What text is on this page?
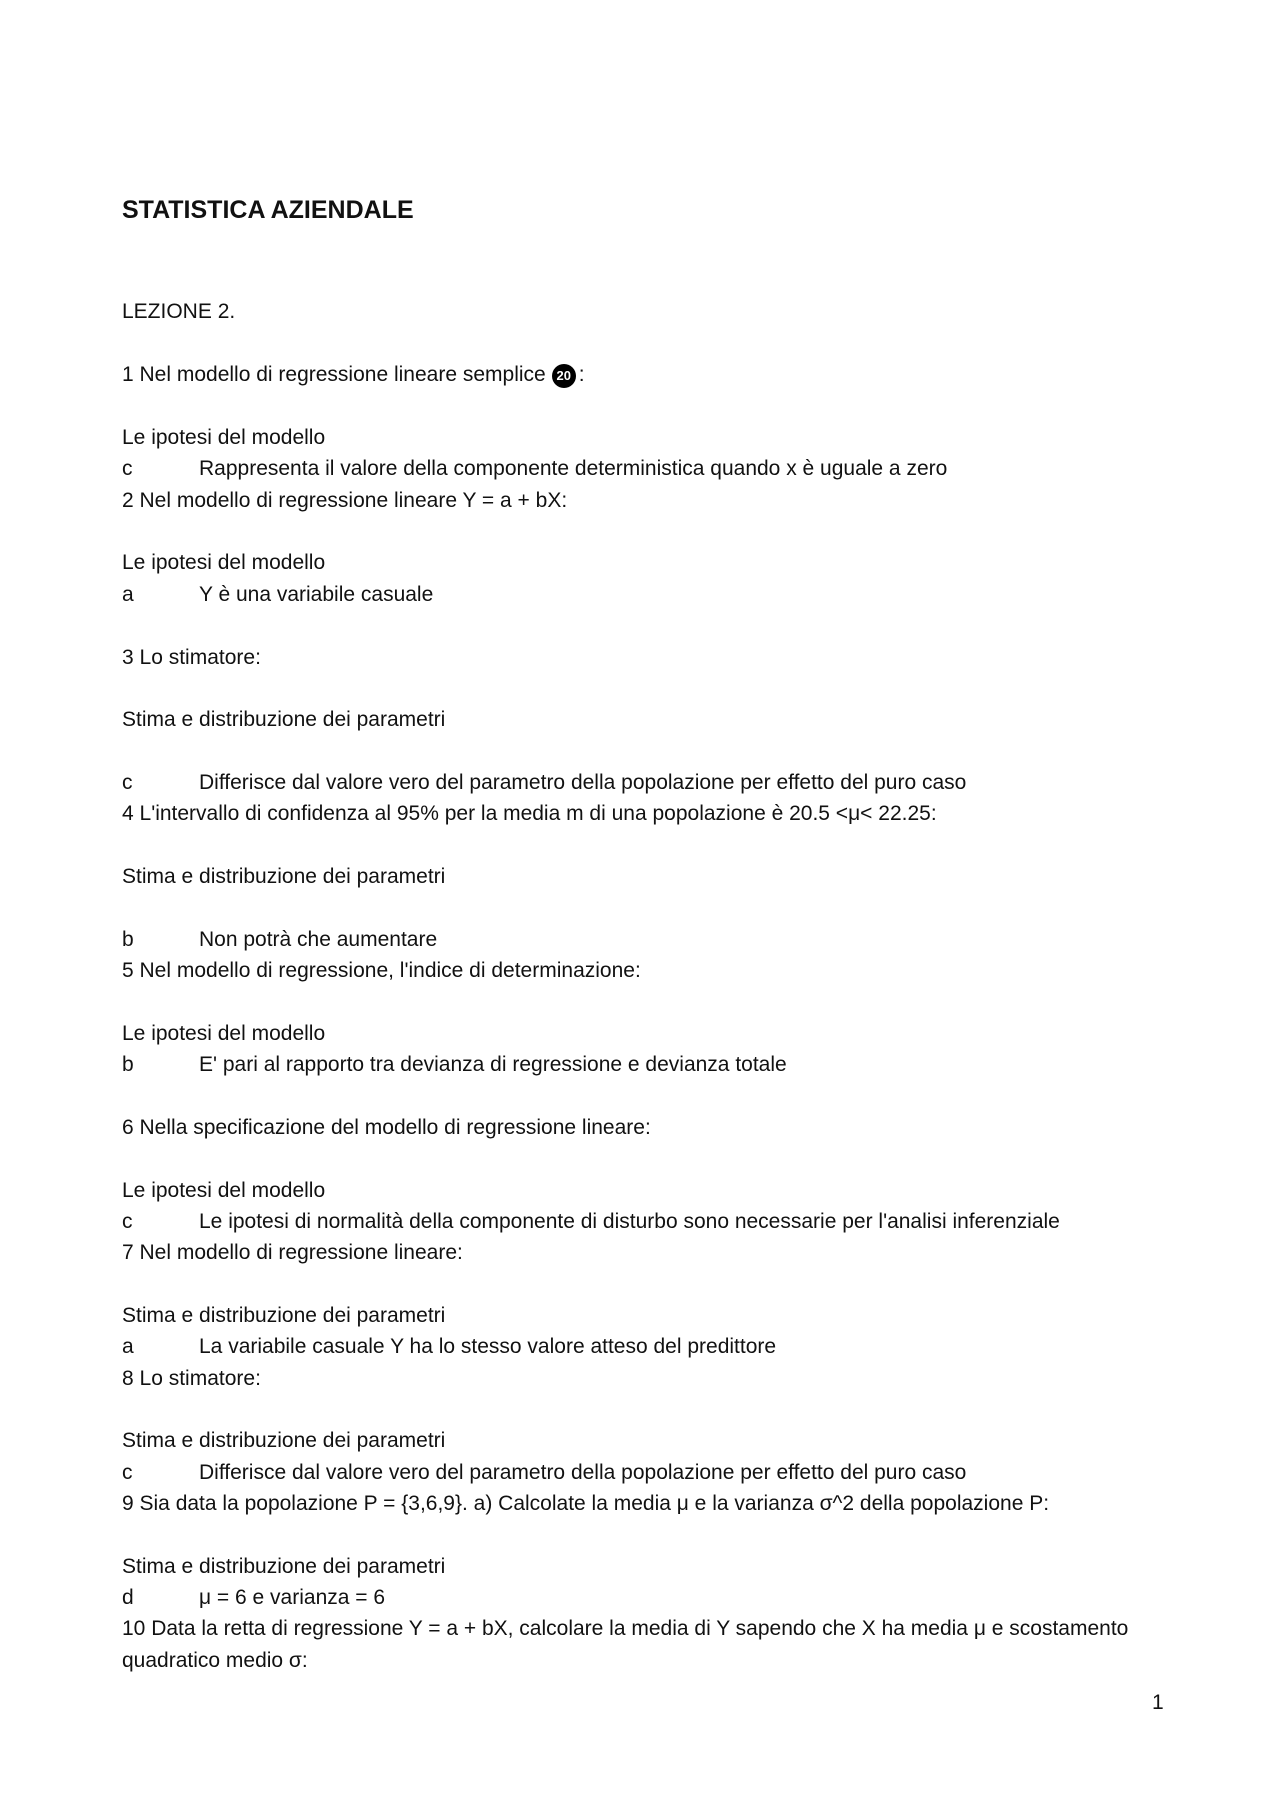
STATISTICA AZIENDALE
LEZIONE 2.
1 Nel modello di regressione lineare semplice 20 :
Le ipotesi del modello
c	Rappresenta il valore della componente deterministica quando x è uguale a zero
2 Nel modello di regressione lineare Y = a + bX:
Le ipotesi del modello
a	Y è una variabile casuale
3 Lo stimatore:
Stima e distribuzione dei parametri
c	Differisce dal valore vero del parametro della popolazione per effetto del puro caso
4 L'intervallo di confidenza al 95% per la media m di una popolazione è 20.5 <μ< 22.25:
Stima e distribuzione dei parametri
b	Non potrà che aumentare
5 Nel modello di regressione, l'indice di determinazione:
Le ipotesi del modello
b	E' pari al rapporto tra devianza di regressione e devianza totale
6 Nella specificazione del modello di regressione lineare:
Le ipotesi del modello
c	Le ipotesi di normalità della componente di disturbo sono necessarie per l'analisi inferenziale
7 Nel modello di regressione lineare:
Stima e distribuzione dei parametri
a	La variabile casuale Y ha lo stesso valore atteso del predittore
8 Lo stimatore:
Stima e distribuzione dei parametri
c	Differisce dal valore vero del parametro della popolazione per effetto del puro caso
9 Sia data la popolazione P = {3,6,9}. a) Calcolate la media μ e la varianza σ^2 della popolazione P:
Stima e distribuzione dei parametri
d	μ = 6 e varianza = 6
10 Data la retta di regressione Y = a + bX, calcolare la media di Y sapendo che X ha media μ e scostamento
quadratico medio σ:
1
